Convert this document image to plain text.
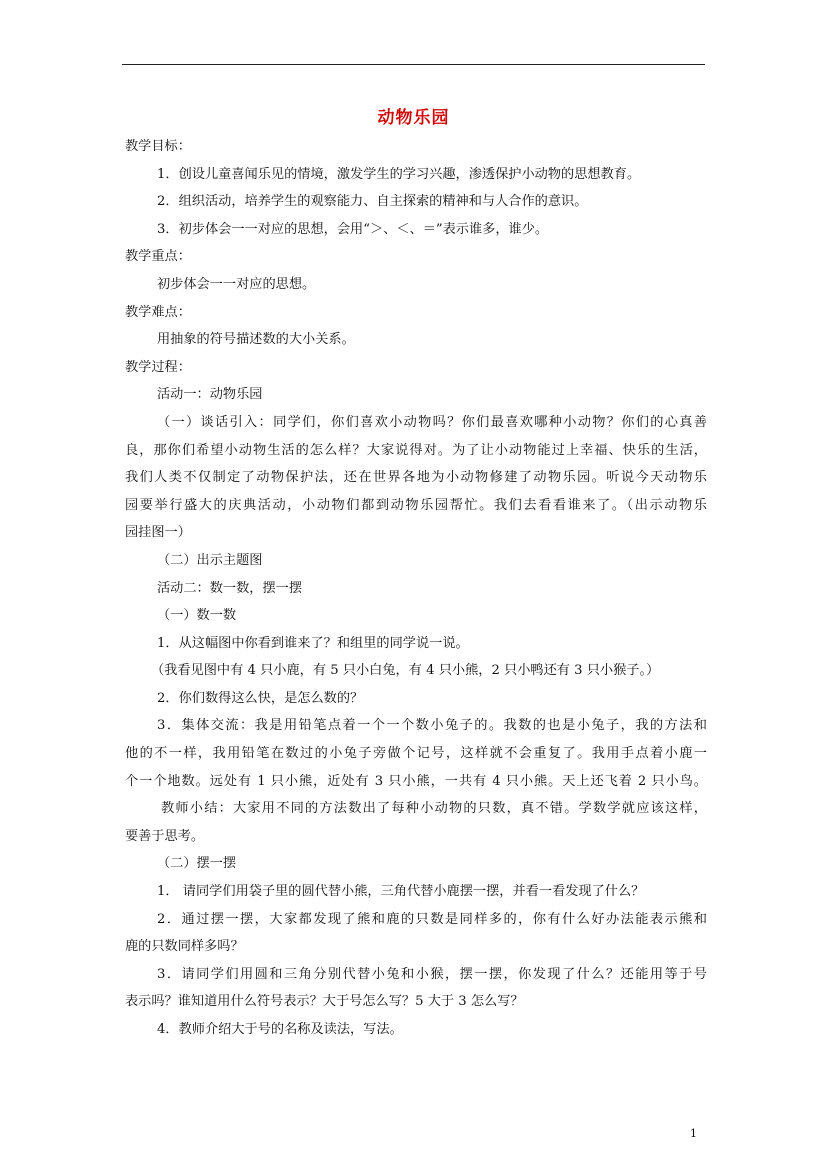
动物乐园
教学目标：
1．创设儿童喜闻乐见的情境，激发学生的学习兴趣，渗透保护小动物的思想教育。
2．组织活动，培养学生的观察能力、自主探索的精神和与人合作的意识。
3．初步体会一一对应的思想，会用“＞、＜、＝”表示谁多，谁少。
教学重点：
初步体会一一对应的思想。
教学难点：
用抽象的符号描述数的大小关系。
教学过程：
活动一：动物乐园
（一）谈话引入：同学们，你们喜欢小动物吗？你们最喜欢哪种小动物？你们的心真善
良，那你们希望小动物生活的怎么样？大家说得对。为了让小动物能过上幸福、快乐的生活，
我们人类不仅制定了动物保护法，还在世界各地为小动物修建了动物乐园。听说今天动物乐
园要举行盛大的庆典活动，小动物们都到动物乐园帮忙。我们去看看谁来了。（出示动物乐
园挂图一）
（二）出示主题图
活动二：数一数，摆一摆
（一）数一数
1．从这幅图中你看到谁来了？和组里的同学说一说。
（我看见图中有 4 只小鹿，有 5 只小白兔，有 4 只小熊，2 只小鸭还有 3 只小猴子。）
2．你们数得这么快，是怎么数的？
3．集体交流：我是用铅笔点着一个一个数小兔子的。我数的也是小兔子，我的方法和
他的不一样，我用铅笔在数过的小兔子旁做个记号，这样就不会重复了。我用手点着小鹿一
个一个地数。远处有 1 只小熊，近处有 3 只小熊，一共有 4 只小熊。天上还飞着 2 只小鸟。
教师小结：大家用不同的方法数出了每种小动物的只数，真不错。学数学就应该这样，
要善于思考。
（二）摆一摆
1． 请同学们用袋子里的圆代替小熊，三角代替小鹿摆一摆，并看一看发现了什么？
2．通过摆一摆，大家都发现了熊和鹿的只数是同样多的，你有什么好办法能表示熊和
鹿的只数同样多吗？
3．请同学们用圆和三角分别代替小兔和小猴，摆一摆，你发现了什么？还能用等于号
表示吗？谁知道用什么符号表示？大于号怎么写？5 大于 3 怎么写？
4．教师介绍大于号的名称及读法，写法。
1
